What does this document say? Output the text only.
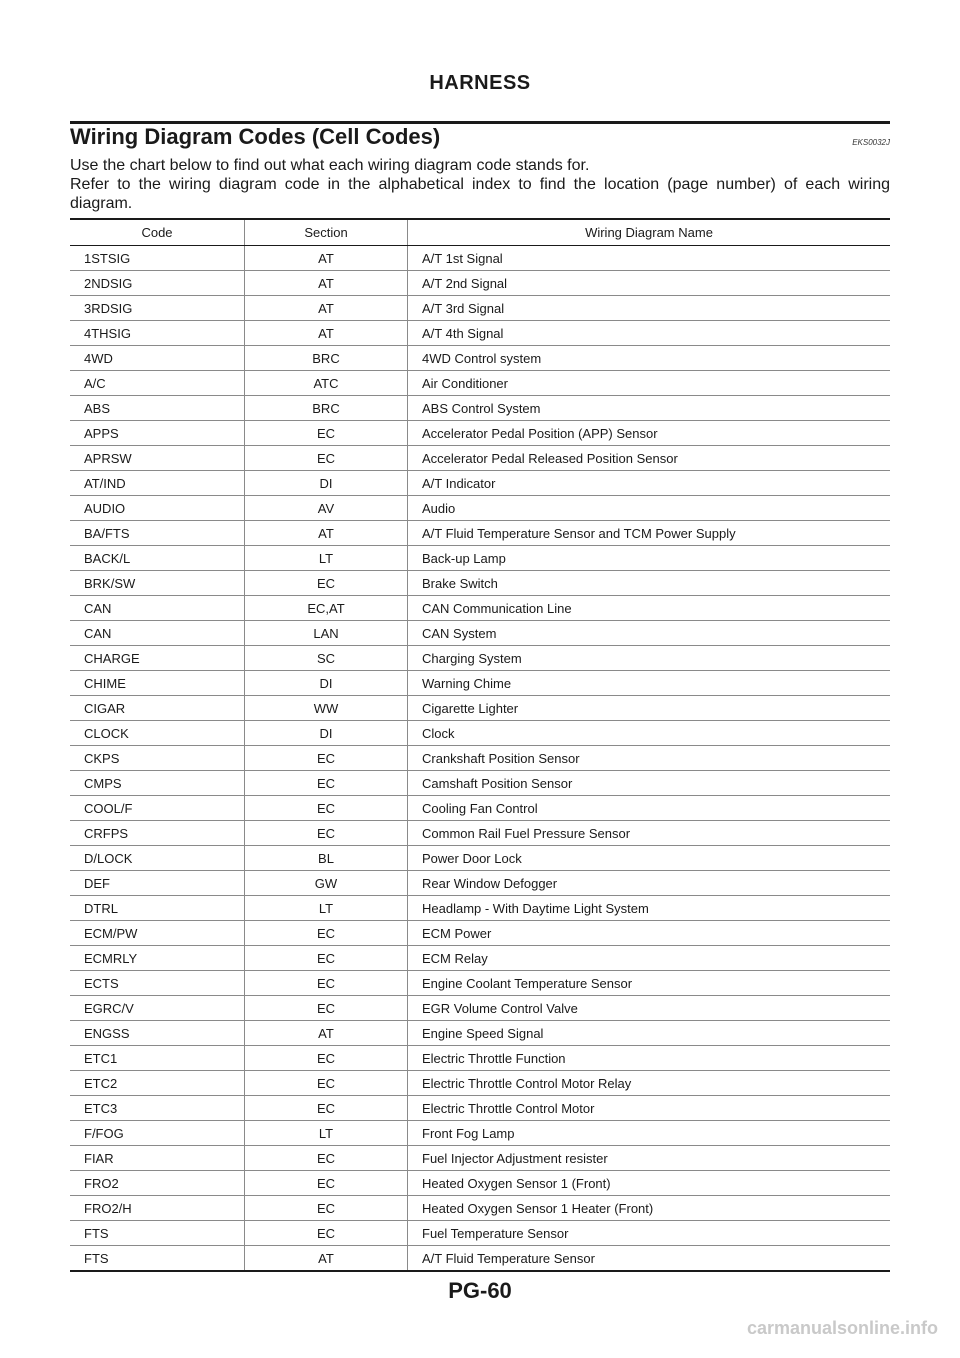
HARNESS
Wiring Diagram Codes (Cell Codes)	EKS0032J

Use the chart below to find out what each wiring diagram code stands for.

Refer to the wiring diagram code in the alphabetical index to find the location (page number) of each wiring diagram.

Code	Section	Wiring Diagram Name
1STSIG	AT	A/T 1st Signal
2NDSIG	AT	A/T 2nd Signal
3RDSIG	AT	A/T 3rd Signal
4THSIG	AT	A/T 4th Signal
4WD	BRC	4WD Control system
A/C	ATC	Air Conditioner
ABS	BRC	ABS Control System
APPS	EC	Accelerator Pedal Position (APP) Sensor
APRSW	EC	Accelerator Pedal Released Position Sensor
AT/IND	DI	A/T Indicator
AUDIO	AV	Audio
BA/FTS	AT	A/T Fluid Temperature Sensor and TCM Power Supply
BACK/L	LT	Back-up Lamp
BRK/SW	EC	Brake Switch
CAN	EC,AT	CAN Communication Line
CAN	LAN	CAN System
CHARGE	SC	Charging System
CHIME	DI	Warning Chime
CIGAR	WW	Cigarette Lighter
CLOCK	DI	Clock
CKPS	EC	Crankshaft Position Sensor
CMPS	EC	Camshaft Position Sensor
COOL/F	EC	Cooling Fan Control
CRFPS	EC	Common Rail Fuel Pressure Sensor
D/LOCK	BL	Power Door Lock
DEF	GW	Rear Window Defogger
DTRL	LT	Headlamp - With Daytime Light System
ECM/PW	EC	ECM Power
ECMRLY	EC	ECM Relay
ECTS	EC	Engine Coolant Temperature Sensor
EGRC/V	EC	EGR Volume Control Valve
ENGSS	AT	Engine Speed Signal
ETC1	EC	Electric Throttle Function
ETC2	EC	Electric Throttle Control Motor Relay
ETC3	EC	Electric Throttle Control Motor
F/FOG	LT	Front Fog Lamp
FIAR	EC	Fuel Injector Adjustment resister
FRO2	EC	Heated Oxygen Sensor 1 (Front)
FRO2/H	EC	Heated Oxygen Sensor 1 Heater (Front)
FTS	EC	Fuel Temperature Sensor
FTS	AT	A/T Fluid Temperature Sensor
PG-60
carmanualsonline.info
